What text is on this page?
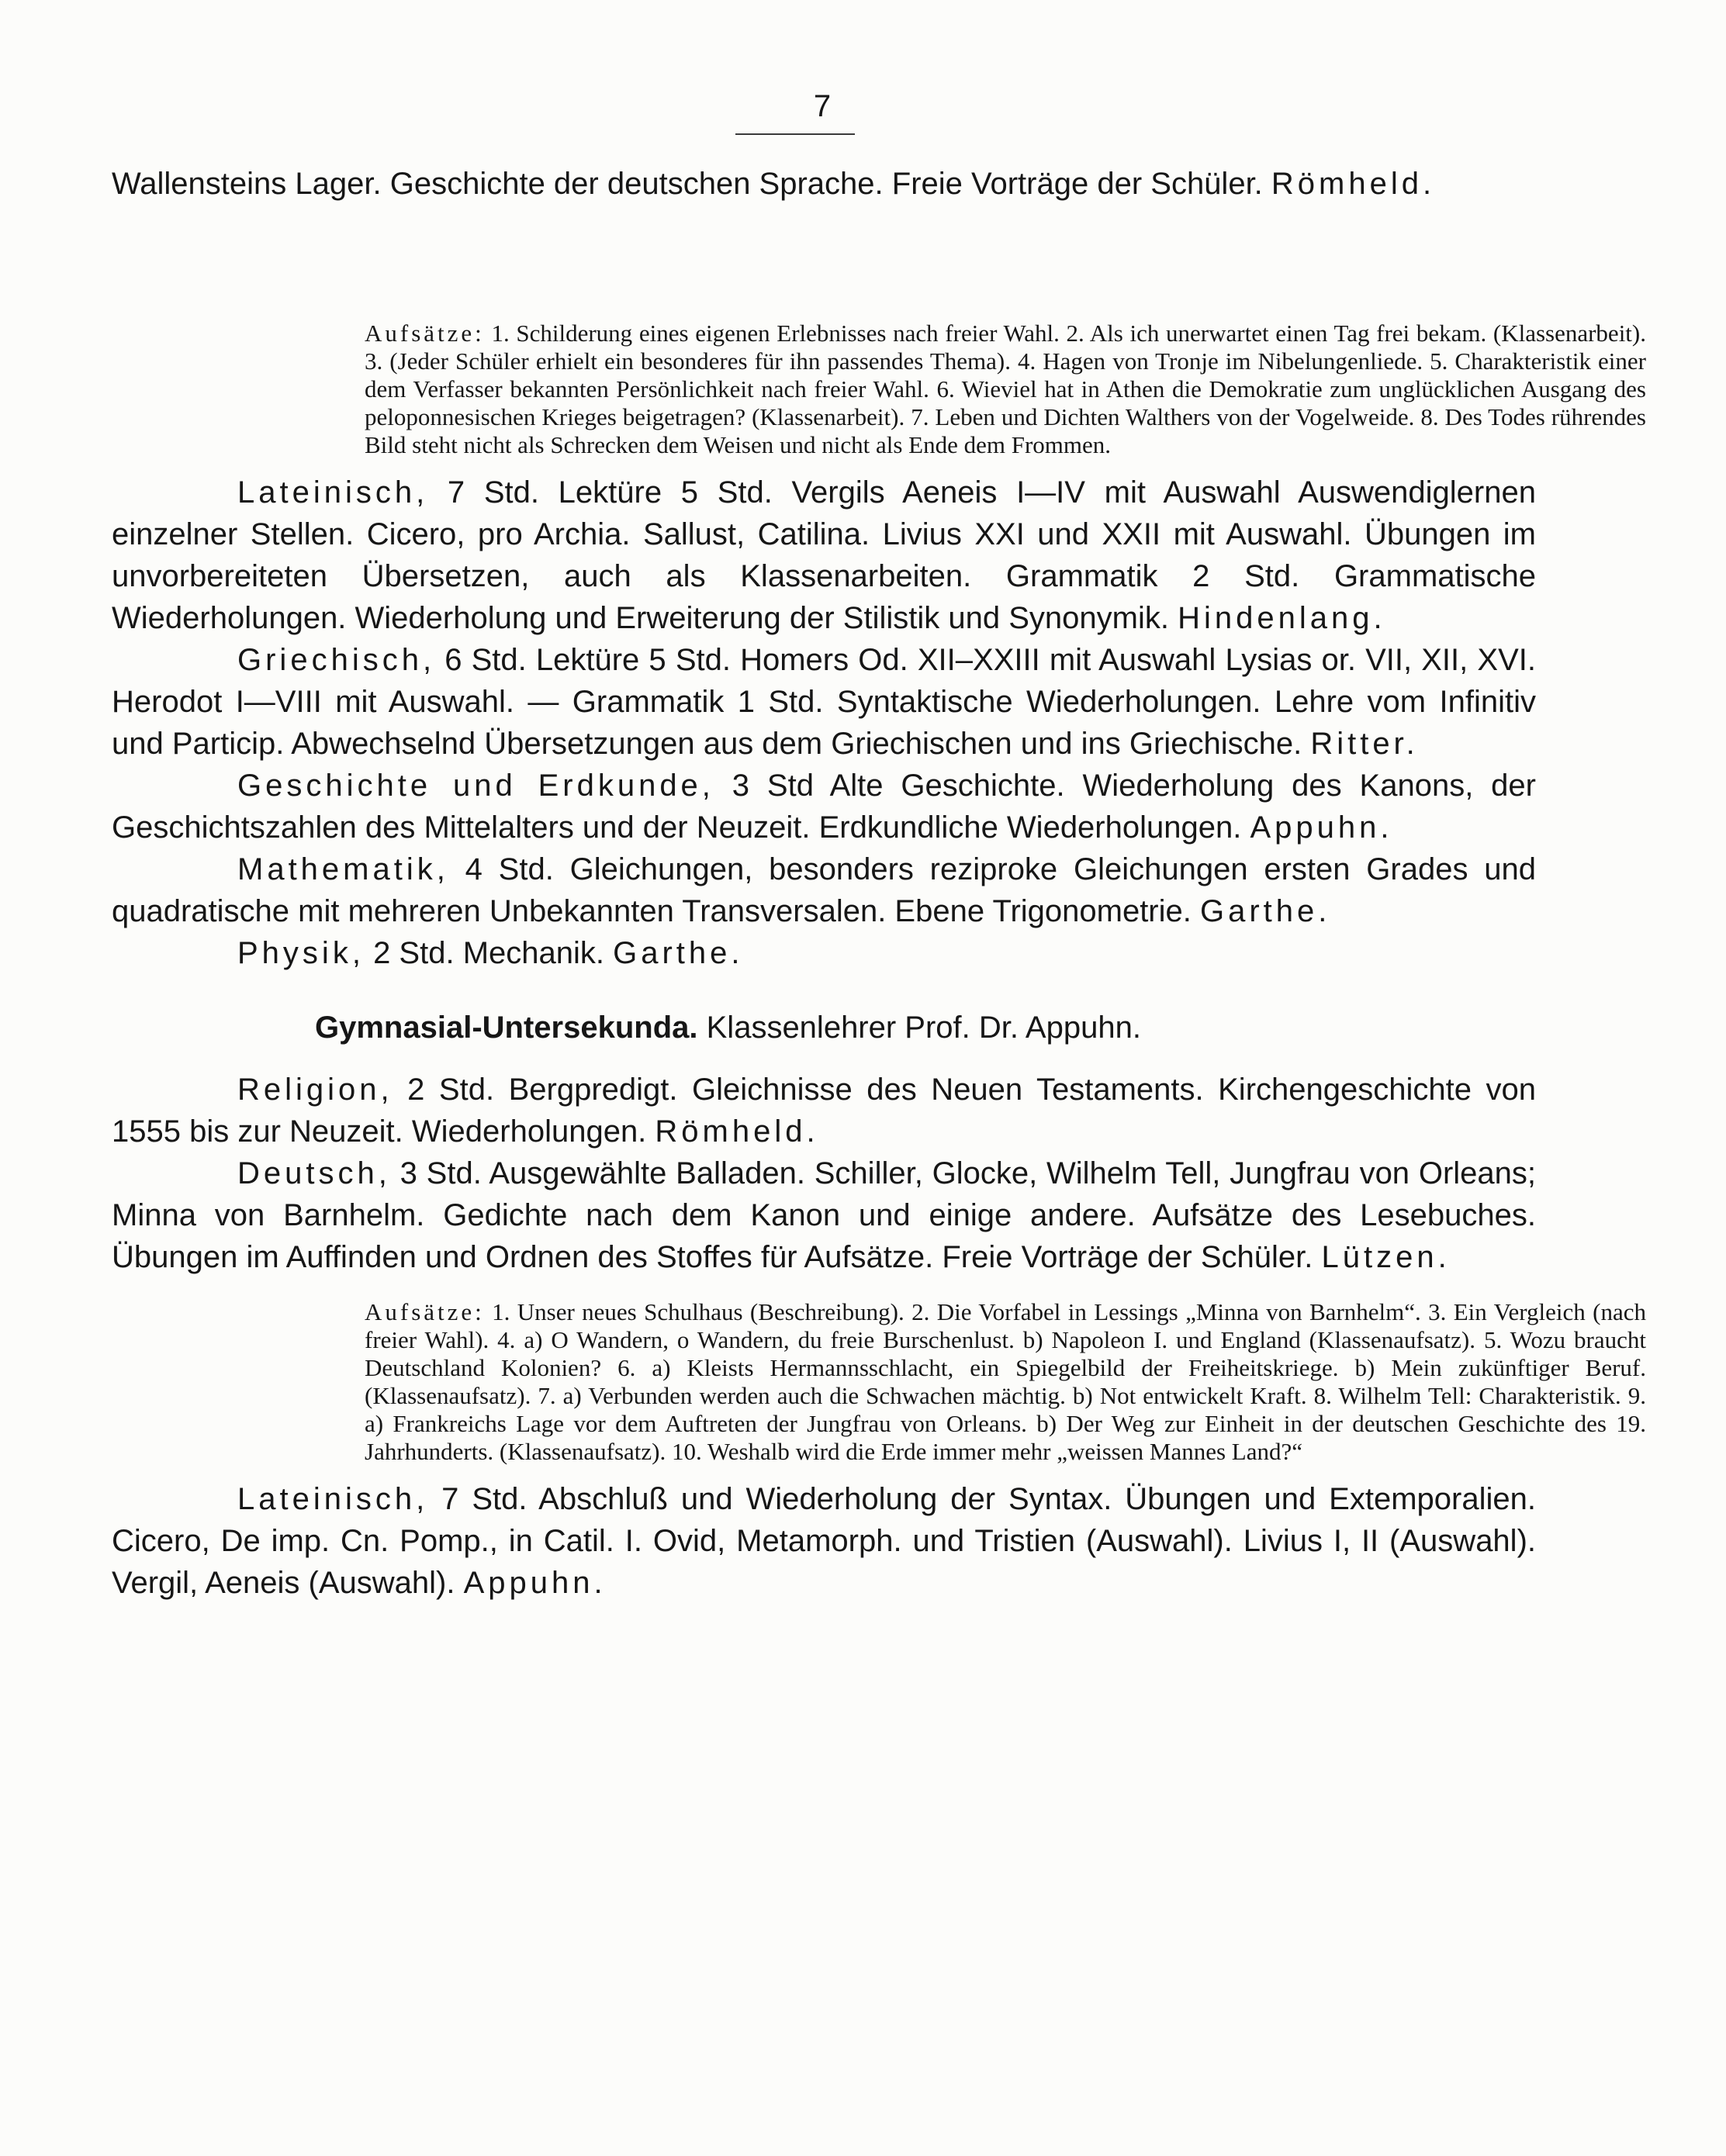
7

Wallensteins Lager. Geschichte der deutschen Sprache. Freie Vorträge der Schüler. Römheld.

Aufsätze: 1. Schilderung eines eigenen Erlebnisses nach freier Wahl. 2. Als ich unerwartet einen Tag frei bekam. (Klassenarbeit). 3. (Jeder Schüler erhielt ein besonderes für ihn passendes Thema). 4. Hagen von Tronje im Nibelungenliede. 5. Charakteristik einer dem Verfasser bekannten Persönlichkeit nach freier Wahl. 6. Wieviel hat in Athen die Demokratie zum unglücklichen Ausgang des peloponnesischen Krieges beigetragen? (Klassenarbeit). 7. Leben und Dichten Walthers von der Vogelweide. 8. Des Todes rührendes Bild steht nicht als Schrecken dem Weisen und nicht als Ende dem Frommen.

Lateinisch, 7 Std. Lektüre 5 Std. Vergils Aeneis I—IV mit Auswahl Auswendiglernen einzelner Stellen. Cicero, pro Archia. Sallust, Catilina. Livius XXI und XXII mit Auswahl. Übungen im unvorbereiteten Übersetzen, auch als Klassenarbeiten. Grammatik 2 Std. Grammatische Wiederholungen. Wiederholung und Erweiterung der Stilistik und Synonymik. Hindenlang.

Griechisch, 6 Std. Lektüre 5 Std. Homers Od. XII–XXIII mit Auswahl Lysias or. VII, XII, XVI. Herodot I—VIII mit Auswahl. — Grammatik 1 Std. Syntaktische Wiederholungen. Lehre vom Infinitiv und Particip. Abwechselnd Übersetzungen aus dem Griechischen und ins Griechische. Ritter.

Geschichte und Erdkunde, 3 Std Alte Geschichte. Wiederholung des Kanons, der Geschichtszahlen des Mittelalters und der Neuzeit. Erdkundliche Wiederholungen. Appuhn.

Mathematik, 4 Std. Gleichungen, besonders reziproke Gleichungen ersten Grades und quadratische mit mehreren Unbekannten Transversalen. Ebene Trigonometrie. Garthe.

Physik, 2 Std. Mechanik. Garthe.

Gymnasial-Untersekunda. Klassenlehrer Prof. Dr. Appuhn.

Religion, 2 Std. Bergpredigt. Gleichnisse des Neuen Testaments. Kirchengeschichte von 1555 bis zur Neuzeit. Wiederholungen. Römheld.

Deutsch, 3 Std. Ausgewählte Balladen. Schiller, Glocke, Wilhelm Tell, Jungfrau von Orleans; Minna von Barnhelm. Gedichte nach dem Kanon und einige andere. Aufsätze des Lesebuches. Übungen im Auffinden und Ordnen des Stoffes für Aufsätze. Freie Vorträge der Schüler. Lützen.

Aufsätze: 1. Unser neues Schulhaus (Beschreibung). 2. Die Vorfabel in Lessings „Minna von Barnhelm“. 3. Ein Vergleich (nach freier Wahl). 4. a) O Wandern, o Wandern, du freie Burschenlust. b) Napoleon I. und England (Klassenaufsatz). 5. Wozu braucht Deutschland Kolonien? 6. a) Kleists Hermannsschlacht, ein Spiegelbild der Freiheitskriege. b) Mein zukünftiger Beruf. (Klassenaufsatz). 7. a) Verbunden werden auch die Schwachen mächtig. b) Not entwickelt Kraft. 8. Wilhelm Tell: Charakteristik. 9. a) Frankreichs Lage vor dem Auftreten der Jungfrau von Orleans. b) Der Weg zur Einheit in der deutschen Geschichte des 19. Jahrhunderts. (Klassenaufsatz). 10. Weshalb wird die Erde immer mehr „weissen Mannes Land?“

Lateinisch, 7 Std. Abschluß und Wiederholung der Syntax. Übungen und Extemporalien. Cicero, De imp. Cn. Pomp., in Catil. I. Ovid, Metamorph. und Tristien (Auswahl). Livius I, II (Auswahl). Vergil, Aeneis (Auswahl). Appuhn.
